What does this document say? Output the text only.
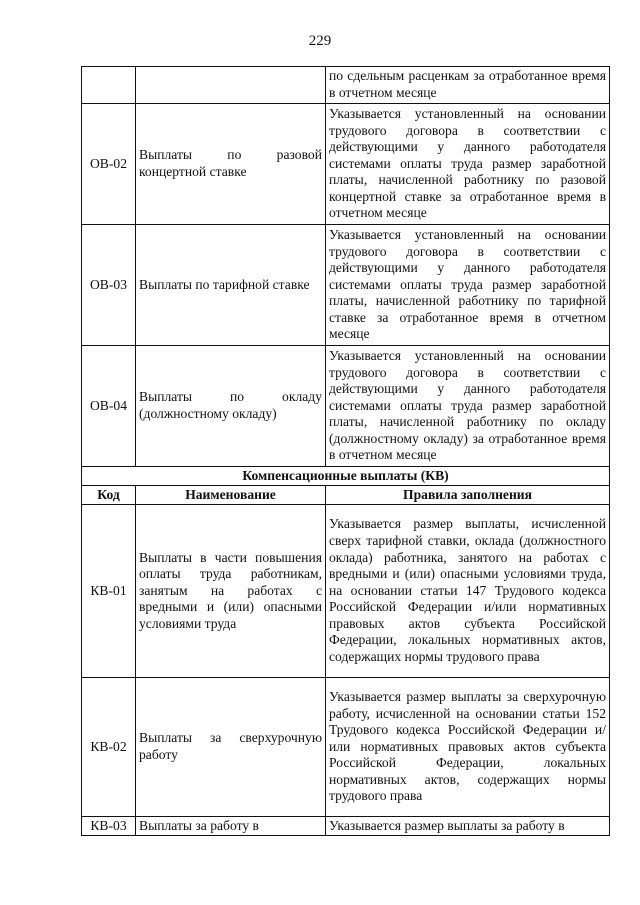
229
		по сдельным расценкам за отработанное время в отчетном месяце
ОВ-02	Выплаты по разовой концертной ставке	Указывается установленный на основании трудового договора в соответствии с действующими у данного работодателя системами оплаты труда размер заработной платы, начисленной работнику по разовой концертной ставке за отработанное время в отчетном месяце
ОВ-03	Выплаты по тарифной ставке	Указывается установленный на основании трудового договора в соответствии с действующими у данного работодателя системами оплаты труда размер заработной платы, начисленной работнику по тарифной ставке за отработанное время в отчетном месяце
ОВ-04	Выплаты по окладу (должностному окладу)	Указывается установленный на основании трудового договора в соответствии с действующими у данного работодателя системами оплаты труда размер заработной платы, начисленной работнику по окладу (должностному окладу) за отработанное время в отчетном месяце
Компенсационные выплаты (КВ)		
Код	Наименование	Правила заполнения
КВ-01	Выплаты в части повышения оплаты труда работникам, занятым на работах с вредными и (или) опасными условиями труда	Указывается размер выплаты, исчисленной сверх тарифной ставки, оклада (должностного оклада) работника, занятого на работах с вредными и (или) опасными условиями труда, на основании статьи 147 Трудового кодекса Российской Федерации и/или нормативных правовых актов субъекта Российской Федерации, локальных нормативных актов, содержащих нормы трудового права
КВ-02	Выплаты за сверхурочную работу	Указывается размер выплаты за сверхурочную работу, исчисленной на основании статьи 152 Трудового кодекса Российской Федерации и/или нормативных правовых актов субъекта Российской Федерации, локальных нормативных актов, содержащих нормы трудового права
КВ-03	Выплаты за работу в	Указывается размер выплаты за работу в
